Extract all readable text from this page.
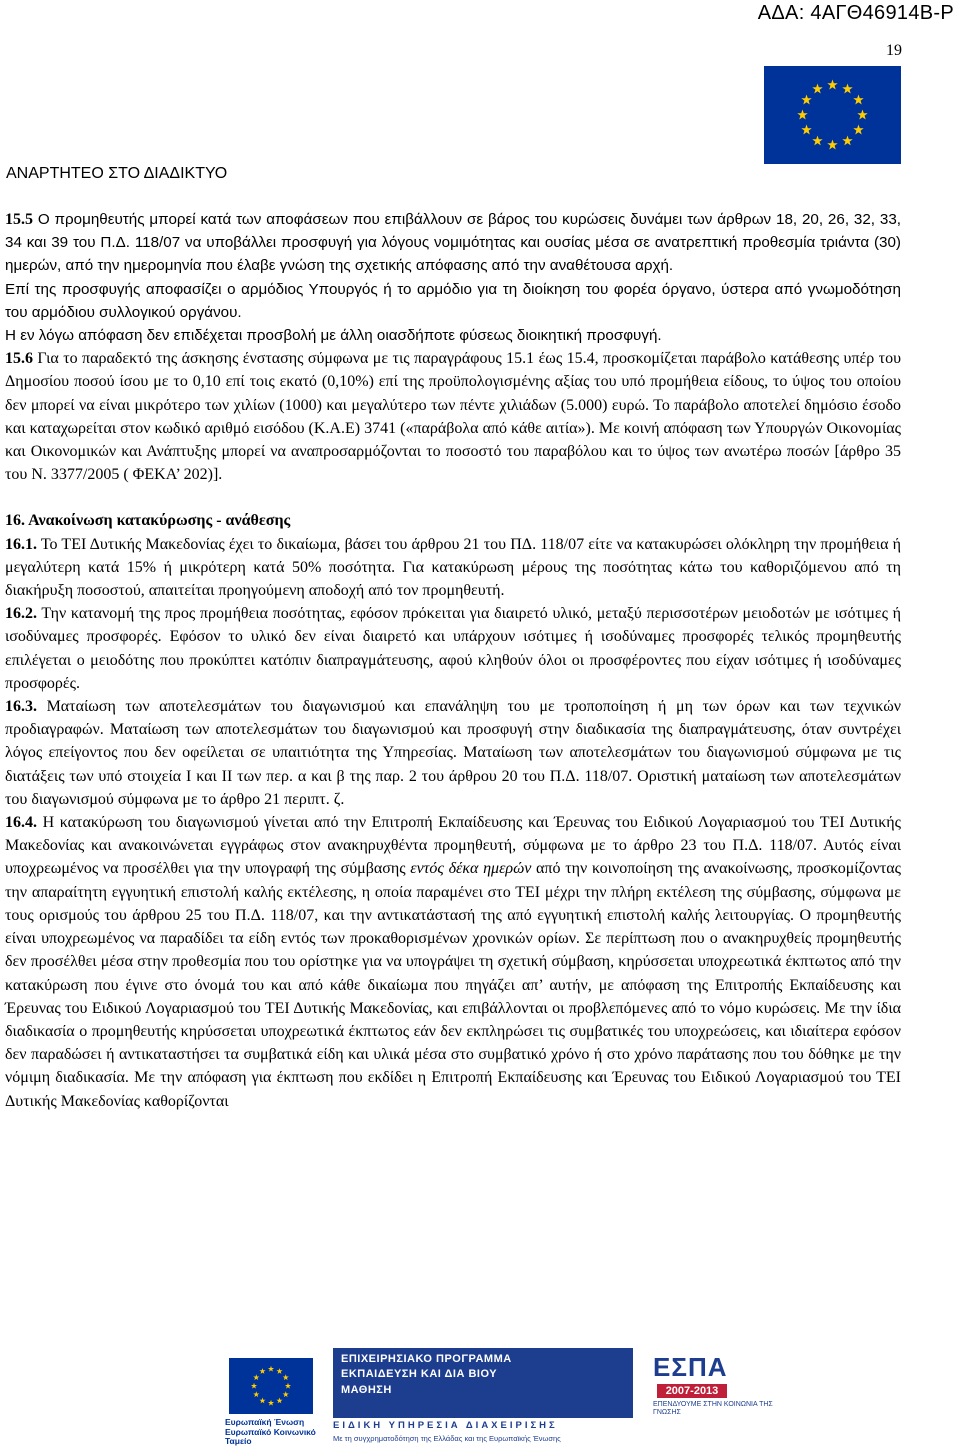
ΑΔΑ: 4ΑΓΘ46914Β-Ρ
19
ΑΝΑΡΤΗΤΕΟ ΣΤΟ ΔΙΑΔΙΚΤΥΟ

15.5 Ο προμηθευτής μπορεί κατά των αποφάσεων που επιβάλλουν σε βάρος του κυρώσεις δυνάμει των άρθρων 18, 20, 26, 32, 33, 34 και 39 του Π.Δ. 118/07 να υποβάλλει προσφυγή για λόγους νομιμότητας και ουσίας μέσα σε ανατρεπτική προθεσμία τριάντα (30) ημερών, από την ημερομηνία που έλαβε γνώση της σχετικής απόφασης από την αναθέτουσα αρχή.

Επί της προσφυγής αποφασίζει ο αρμόδιος Υπουργός ή το αρμόδιο για τη διοίκηση του φορέα όργανο, ύστερα από γνωμοδότηση του αρμόδιου συλλογικού οργάνου.

Η εν λόγω απόφαση δεν επιδέχεται προσβολή με άλλη οιασδήποτε φύσεως διοικητική προσφυγή.

15.6 Για το παραδεκτό της άσκησης ένστασης σύμφωνα με τις παραγράφους 15.1 έως 15.4, προσκομίζεται παράβολο κατάθεσης υπέρ του Δημοσίου ποσού ίσου με το 0,10 επί τοις εκατό (0,10%) επί της προϋπολογισμένης αξίας του υπό προμήθεια είδους, το ύψος του οποίου δεν μπορεί να είναι μικρότερο των χιλίων (1000) και μεγαλύτερο των πέντε χιλιάδων (5.000) ευρώ. Το παράβολο αποτελεί δημόσιο έσοδο και καταχωρείται στον κωδικό αριθμό εισόδου (Κ.Α.Ε) 3741 («παράβολα από κάθε αιτία»). Με κοινή απόφαση των Υπουργών Οικονομίας και Οικονομικών και Ανάπτυξης μπορεί να αναπροσαρμόζονται το ποσοστό του παραβόλου και το ύψος των ανωτέρω ποσών [άρθρο 35 του Ν. 3377/2005 ( ΦΕΚΑ’ 202)].

16. Ανακοίνωση κατακύρωσης - ανάθεσης

16.1. Το ΤΕΙ Δυτικής Μακεδονίας έχει το δικαίωμα, βάσει του άρθρου 21 του ΠΔ. 118/07 είτε να κατακυρώσει ολόκληρη την προμήθεια ή μεγαλύτερη κατά 15% ή μικρότερη κατά 50% ποσότητα. Για κατακύρωση μέρους της ποσότητας κάτω του καθοριζόμενου από τη διακήρυξη ποσοστού, απαιτείται προηγούμενη αποδοχή από τον προμηθευτή.

16.2. Την κατανομή της προς προμήθεια ποσότητας, εφόσον πρόκειται για διαιρετό υλικό, μεταξύ περισσοτέρων μειοδοτών με ισότιμες ή ισοδύναμες προσφορές. Εφόσον το υλικό δεν είναι διαιρετό και υπάρχουν ισότιμες ή ισοδύναμες προσφορές τελικός προμηθευτής επιλέγεται ο μειοδότης που προκύπτει κατόπιν διαπραγμάτευσης, αφού κληθούν όλοι οι προσφέροντες που είχαν ισότιμες ή ισοδύναμες προσφορές.

16.3. Ματαίωση των αποτελεσμάτων του διαγωνισμού και επανάληψη του με τροποποίηση ή μη των όρων και των τεχνικών προδιαγραφών. Ματαίωση των αποτελεσμάτων του διαγωνισμού και προσφυγή στην διαδικασία της διαπραγμάτευσης, όταν συντρέχει λόγος επείγοντος που δεν οφείλεται σε υπαιτιότητα της Υπηρεσίας. Ματαίωση των αποτελεσμάτων του διαγωνισμού σύμφωνα με τις διατάξεις των υπό στοιχεία Ι και ΙΙ των περ. α και β της παρ. 2 του άρθρου 20 του Π.Δ. 118/07. Οριστική ματαίωση των αποτελεσμάτων του διαγωνισμού σύμφωνα με το άρθρο 21 περιπτ. ζ.

16.4. Η κατακύρωση του διαγωνισμού γίνεται από την Επιτροπή Εκπαίδευσης και Έρευνας του Ειδικού Λογαριασμού του ΤΕΙ Δυτικής Μακεδονίας και ανακοινώνεται εγγράφως στον ανακηρυχθέντα προμηθευτή, σύμφωνα με το άρθρο 23 του Π.Δ. 118/07. Αυτός είναι υποχρεωμένος να προσέλθει για την υπογραφή της σύμβασης εντός δέκα ημερών από την κοινοποίηση της ανακοίνωσης, προσκομίζοντας την απαραίτητη εγγυητική επιστολή καλής εκτέλεσης, η οποία παραμένει στο ΤΕΙ μέχρι την πλήρη εκτέλεση της σύμβασης, σύμφωνα με τους ορισμούς του άρθρου 25 του Π.Δ. 118/07, και την αντικατάστασή της από εγγυητική επιστολή καλής λειτουργίας. Ο προμηθευτής είναι υποχρεωμένος να παραδίδει τα είδη εντός των προκαθορισμένων χρονικών ορίων. Σε περίπτωση που ο ανακηρυχθείς προμηθευτής δεν προσέλθει μέσα στην προθεσμία που του ορίστηκε για να υπογράψει τη σχετική σύμβαση, κηρύσσεται υποχρεωτικά έκπτωτος από την κατακύρωση που έγινε στο όνομά του και από κάθε δικαίωμα που πηγάζει απ’ αυτήν, με απόφαση της Επιτροπής Εκπαίδευσης και Έρευνας του Ειδικού Λογαριασμού του ΤΕΙ Δυτικής Μακεδονίας, και επιβάλλονται οι προβλεπόμενες από το νόμο κυρώσεις. Με την ίδια διαδικασία ο προμηθευτής κηρύσσεται υποχρεωτικά έκπτωτος εάν δεν εκπληρώσει τις συμβατικές του υποχρεώσεις, και ιδιαίτερα εφόσον δεν παραδώσει ή αντικαταστήσει τα συμβατικά είδη και υλικά μέσα στο συμβατικό χρόνο ή στο χρόνο παράτασης που του δόθηκε με την νόμιμη διαδικασία. Με την απόφαση για έκπτωση που εκδίδει η Επιτροπή Εκπαίδευσης και Έρευνας του Ειδικού Λογαριασμού του ΤΕΙ Δυτικής Μακεδονίας καθορίζονται

Ευρωπαϊκή Ένωση
Ευρωπαϊκό Κοινωνικό Ταμείο
ΕΠΙΧΕΙΡΗΣΙΑΚΟ ΠΡΟΓΡΑΜΜΑ
ΕΚΠΑΙΔΕΥΣΗ ΚΑΙ ΔΙΑ ΒΙΟΥ
ΜΑΘΗΣΗ
ΕΙΔΙΚΗ ΥΠΗΡΕΣΙΑ ΔΙΑΧΕΙΡΙΣΗΣ
Με τη συγχρηματοδότηση της Ελλάδας και της Ευρωπαϊκής Ένωσης
ΕΣΠΑ
2007-2013
ΕΠΕΝΔΥΟΥΜΕ ΣΤΗΝ ΚΟΙΝΩΝΙΑ ΤΗΣ ΓΝΩΣΗΣ
